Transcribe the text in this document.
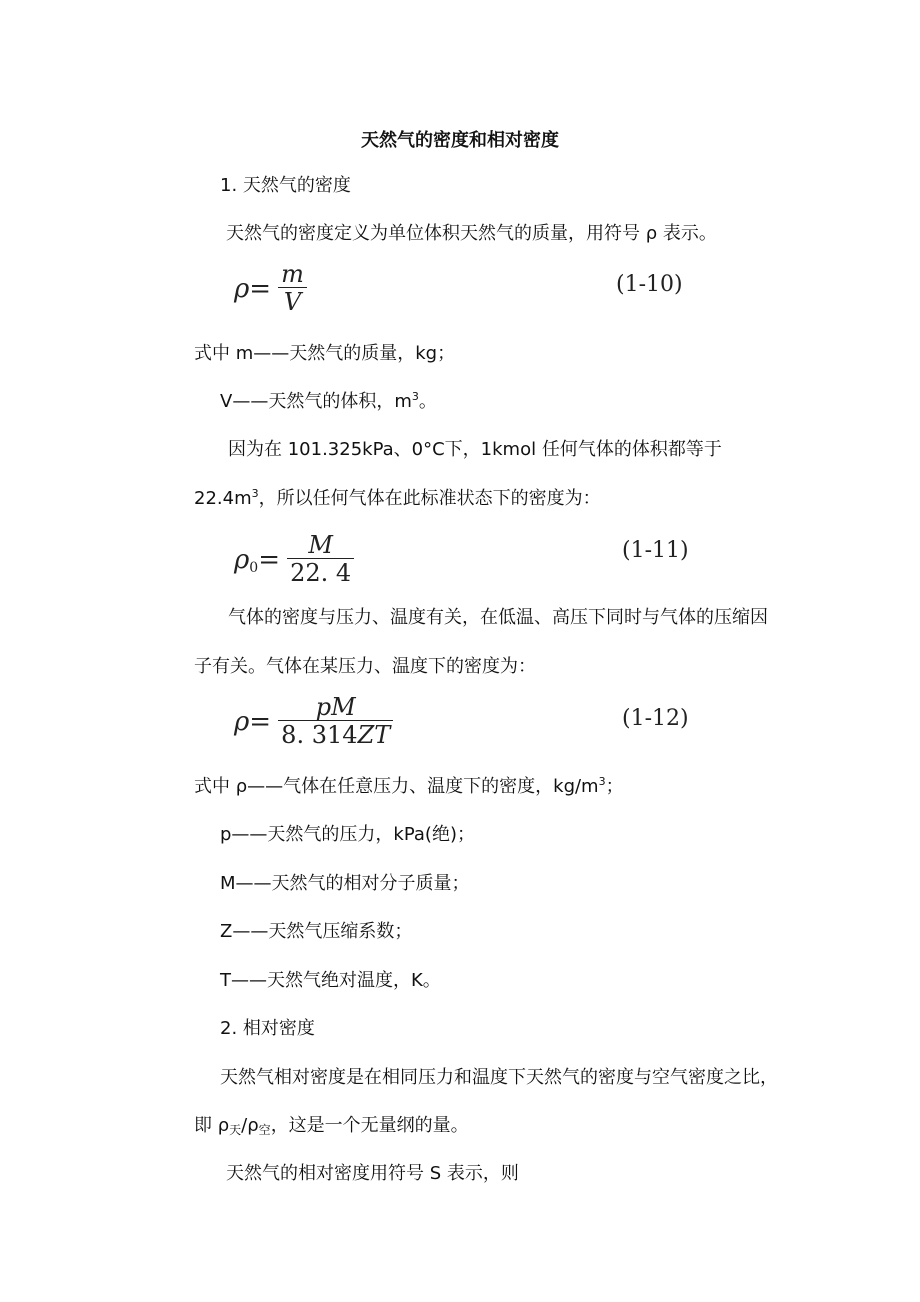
天然气的密度和相对密度
1. 天然气的密度
天然气的密度定义为单位体积天然气的质量，用符号 ρ 表示。
$\rho= \frac{m}{V}$	(1-10)
式中 m——天然气的质量，kg；
V——天然气的体积，$m^3$。
因为在 101.325kPa、0°C下，1kmol 任何气体的体积都等于
$22.4m^3$，所以任何气体在此标准状态下的密度为：
$\rho_0= \frac{M}{22. 4}$	(1-11)
气体的密度与压力、温度有关，在低温、高压下同时与气体的压缩因
子有关。气体在某压力、温度下的密度为：
$\rho= \frac{pM}{8. 314ZT}$	(1-12)
式中 ρ——气体在任意压力、温度下的密度，$kg/m^3$；
p——天然气的压力，kPa(绝)；
M——天然气的相对分子质量；
Z——天然气压缩系数；
T——天然气绝对温度，K。
2. 相对密度
天然气相对密度是在相同压力和温度下天然气的密度与空气密度之比，
即 $\rho_天/\rho_空$，这是一个无量纲的量。
天然气的相对密度用符号 S 表示，则
